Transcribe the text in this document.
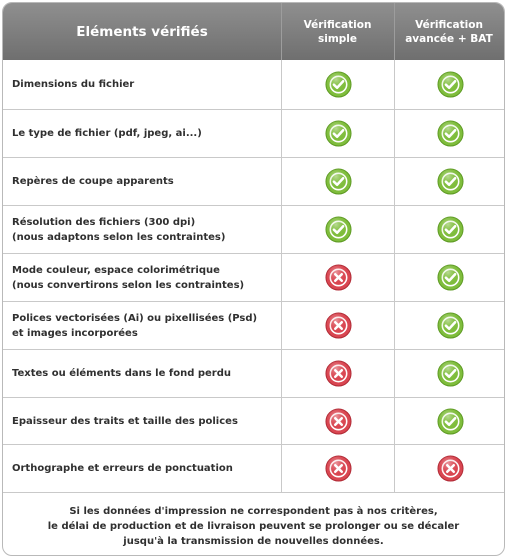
Eléments vérifiés	Vérification
simple
Vérification
avancée + BAT
Dimensions du fichier
Le type de fichier (pdf, jpeg, ai...)
Repères de coupe apparents
Résolution des fichiers (300 dpi)
(nous adaptons selon les contraintes)
Mode couleur, espace colorimétrique
(nous convertirons selon les contraintes)
Polices vectorisées (Ai) ou pixellisées (Psd)
et images incorporées
Textes ou éléments dans le fond perdu
Epaisseur des traits et taille des polices
Orthographe et erreurs de ponctuation
Si les données d'impression ne correspondent pas à nos critères,
le délai de production et de livraison peuvent se prolonger ou se décaler
jusqu'à la transmission de nouvelles données.
